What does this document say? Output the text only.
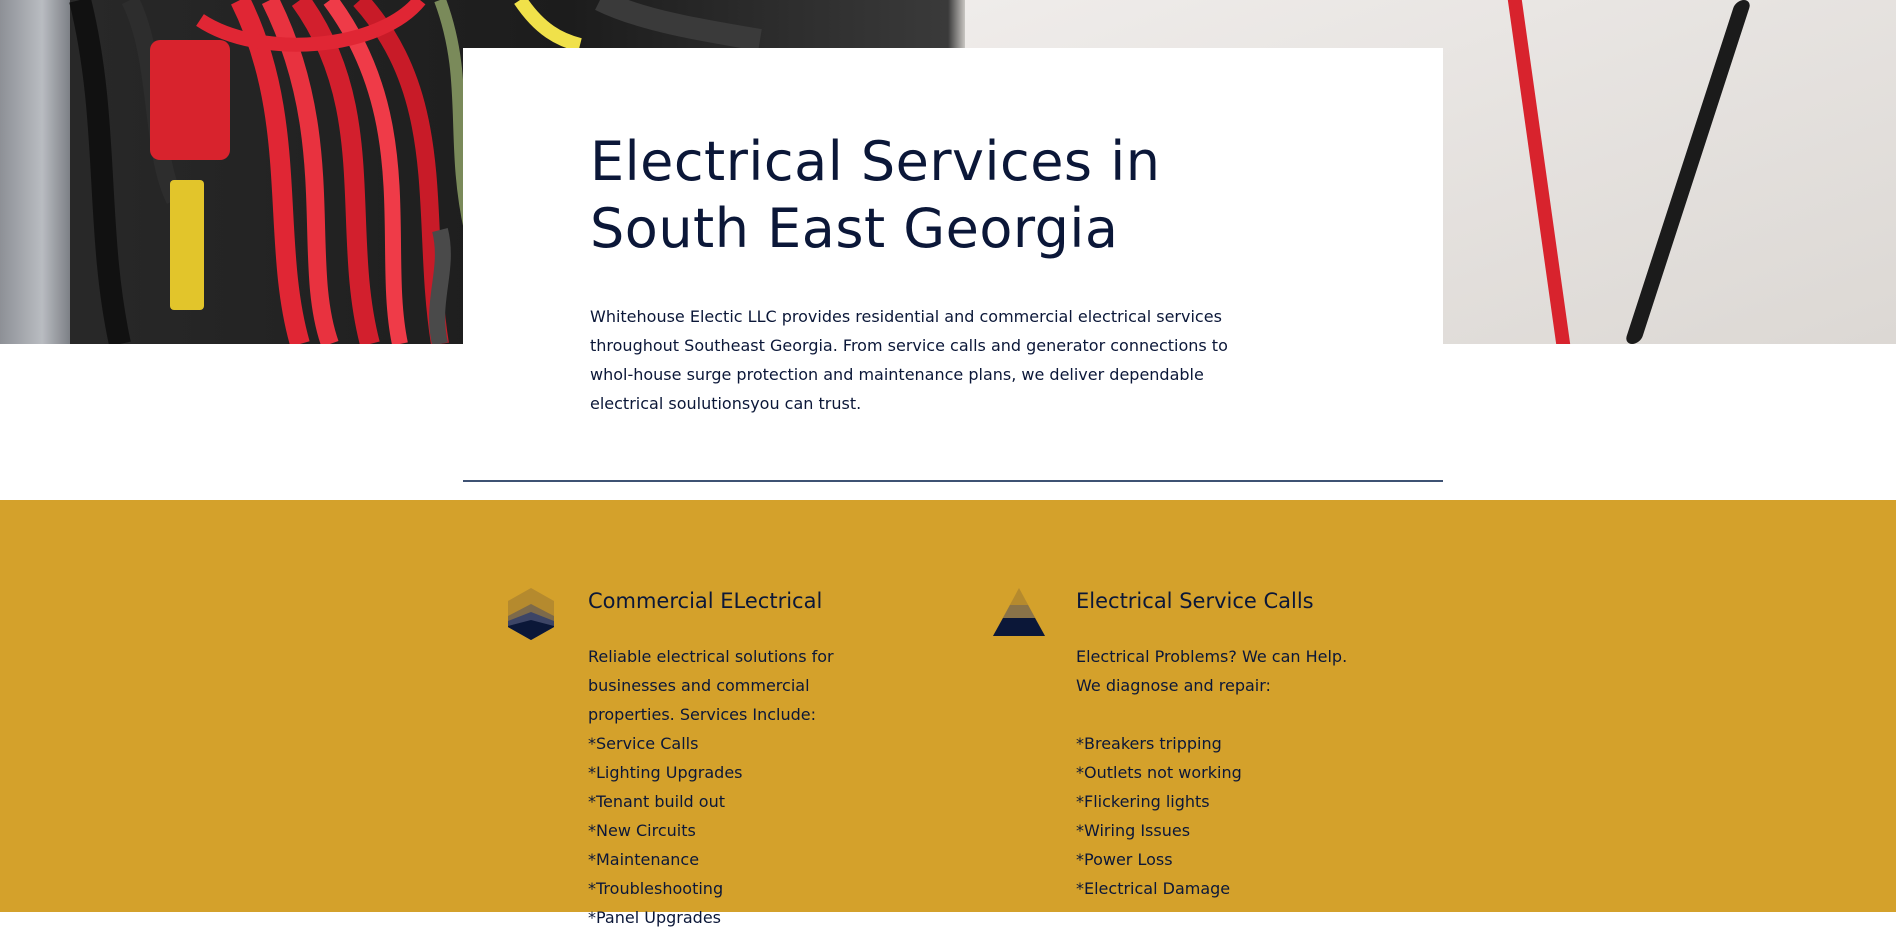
Electrical Services in South East Georgia

Whitehouse Electic LLC provides residential and commercial electrical services throughout Southeast Georgia. From service calls and generator connections to whol-house surge protection and maintenance plans, we deliver dependable electrical soulutionsyou can trust.

Commercial ELectrical
Reliable electrical solutions for
businesses and commercial
properties. Services Include:
*Service Calls
*Lighting Upgrades
*Tenant build out
*New Circuits
*Maintenance
*Troubleshooting
*Panel Upgrades
Electrical Service Calls
Electrical Problems? We can Help.
We diagnose and repair:
*Breakers tripping
*Outlets not working
*Flickering lights
*Wiring Issues
*Power Loss
*Electrical Damage
